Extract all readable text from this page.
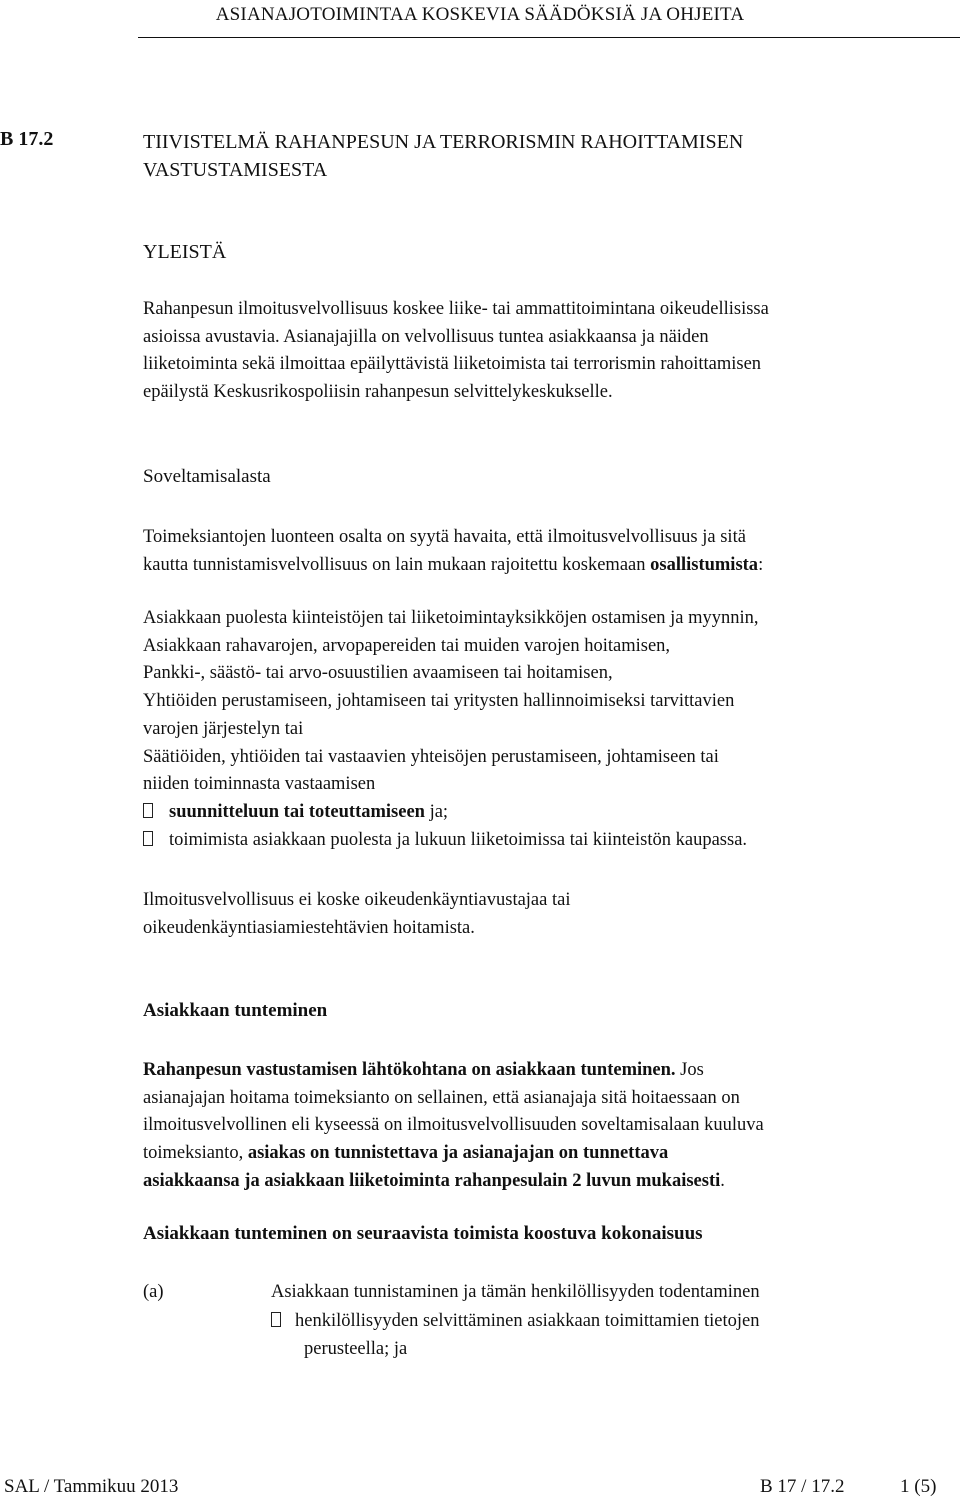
ASIANAJOTOIMINTAA KOSKEVIA SÄÄDÖKSIÄ JA OHJEITA
B 17.2	TIIVISTELMÄ RAHANPESUN JA TERRORISMIN RAHOITTAMISEN
VASTUSTAMISESTA
YLEISTÄ
Rahanpesun ilmoitusvelvollisuus koskee liike- tai ammattitoimintana oikeudellisissa
asioissa avustavia. Asianajajilla on velvollisuus tuntea asiakkaansa ja näiden
liiketoiminta sekä ilmoittaa epäilyttävistä liiketoimista tai terrorismin rahoittamisen
epäilystä Keskusrikospoliisin rahanpesun selvittelykeskukselle.
Soveltamisalasta
Toimeksiantojen luonteen osalta on syytä havaita, että ilmoitusvelvollisuus ja sitä
kautta tunnistamisvelvollisuus on lain mukaan rajoitettu koskemaan osallistumista:
Asiakkaan puolesta kiinteistöjen tai liiketoimintayksikköjen ostamisen ja myynnin,
Asiakkaan rahavarojen, arvopapereiden tai muiden varojen hoitamisen,
Pankki-, säästö- tai arvo-osuustilien avaamiseen tai hoitamisen,
Yhtiöiden perustamiseen, johtamiseen tai yritysten hallinnoimiseksi tarvittavien
varojen järjestelyn tai
Säätiöiden, yhtiöiden tai vastaavien yhteisöjen perustamiseen, johtamiseen tai
niiden toiminnasta vastaamisen
suunnitteluun tai toteuttamiseen ja;
toimimista asiakkaan puolesta ja lukuun liiketoimissa tai kiinteistön kaupassa.
Ilmoitusvelvollisuus ei koske oikeudenkäyntiavustajaa tai
oikeudenkäyntiasiamiestehtävien hoitamista.
Asiakkaan tunteminen
Rahanpesun vastustamisen lähtökohtana on asiakkaan tunteminen. Jos
asianajajan hoitama toimeksianto on sellainen, että asianajaja sitä hoitaessaan on
ilmoitusvelvollinen eli kyseessä on ilmoitusvelvollisuuden soveltamisalaan kuuluva
toimeksianto, asiakas on tunnistettava ja asianajajan on tunnettava
asiakkaansa ja asiakkaan liiketoiminta rahanpesulain 2 luvun mukaisesti.
Asiakkaan tunteminen on seuraavista toimista koostuva kokonaisuus
(a)	Asiakkaan tunnistaminen ja tämän henkilöllisyyden todentaminen
henkilöllisyyden selvittäminen asiakkaan toimittamien tietojen
perusteella; ja
SAL / Tammikuu 2013	B 17 / 17.2	1 (5)
